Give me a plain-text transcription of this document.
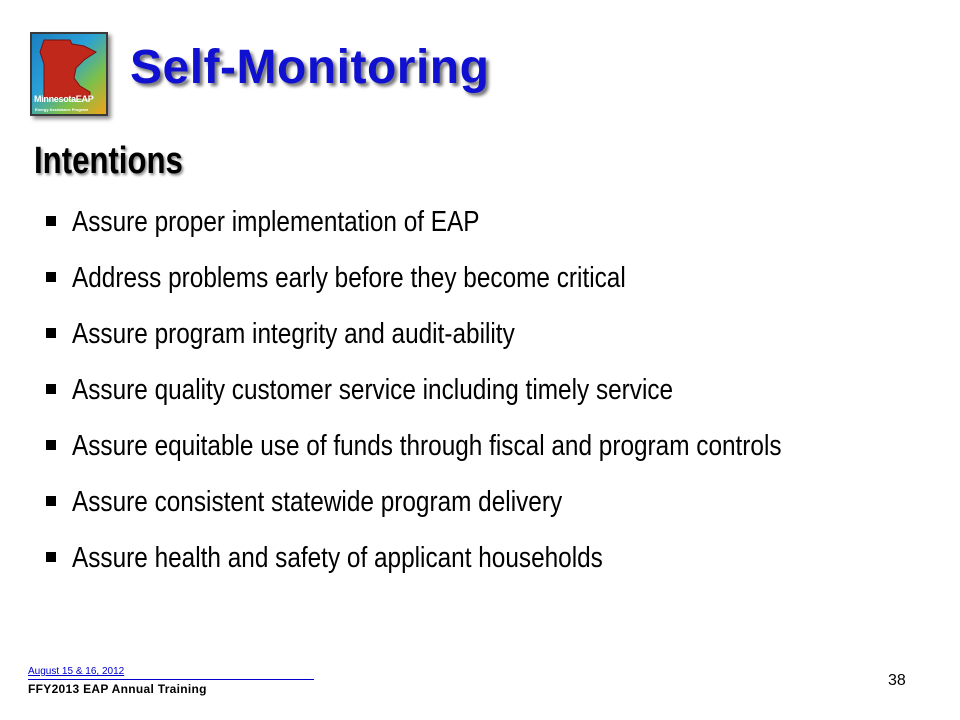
MinnesotaEAP
Energy Assistance Program
Self-Monitoring
Intentions
Assure proper implementation of EAP
Address problems early before they become critical
Assure program integrity and audit-ability
Assure quality customer service including timely service
Assure equitable use of funds through fiscal and program controls
Assure consistent statewide program delivery
Assure health and safety of applicant households
August 15 & 16, 2012
FFY2013 EAP Annual Training	38
